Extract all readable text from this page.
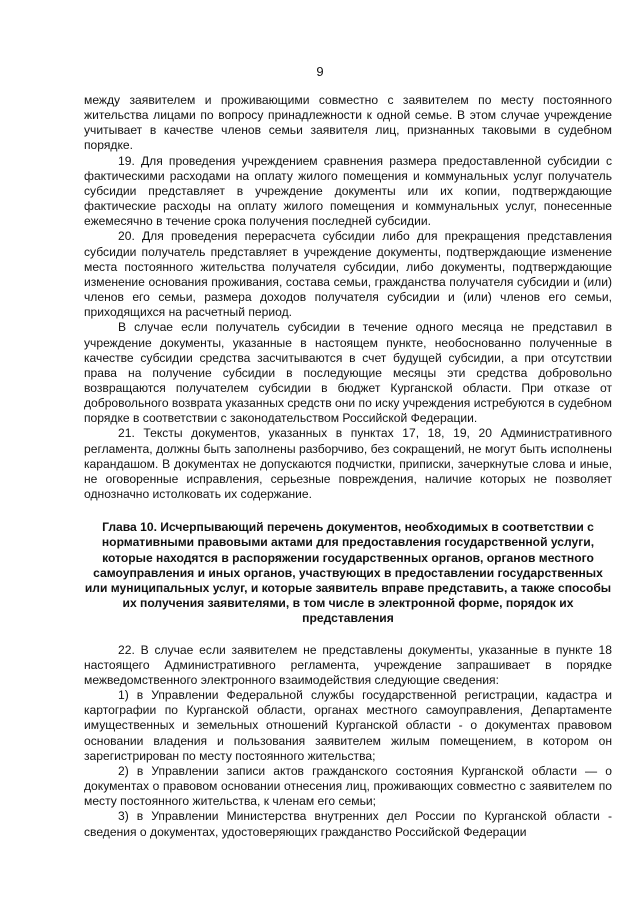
9

между заявителем и проживающими совместно с заявителем по месту постоянного жительства лицами по вопросу принадлежности к одной семье. В этом случае учреждение учитывает в качестве членов семьи заявителя лиц, признанных таковыми в судебном порядке.

19. Для проведения учреждением сравнения размера предоставленной субсидии с фактическими расходами на оплату жилого помещения и коммунальных услуг получатель субсидии представляет в учреждение документы или их копии, подтверждающие фактические расходы на оплату жилого помещения и коммунальных услуг, понесенные ежемесячно в течение срока получения последней субсидии.

20. Для проведения перерасчета субсидии либо для прекращения представления субсидии получатель представляет в учреждение документы, подтверждающие изменение места постоянного жительства получателя субсидии, либо документы, подтверждающие изменение основания проживания, состава семьи, гражданства получателя субсидии и (или) членов его семьи, размера доходов получателя субсидии и (или) членов его семьи, приходящихся на расчетный период.

В случае если получатель субсидии в течение одного месяца не представил в учреждение документы, указанные в настоящем пункте, необоснованно полученные в качестве субсидии средства засчитываются в счет будущей субсидии, а при отсутствии права на получение субсидии в последующие месяцы эти средства добровольно возвращаются получателем субсидии в бюджет Курганской области. При отказе от добровольного возврата указанных средств они по иску учреждения истребуются в судебном порядке в соответствии с законодательством Российской Федерации.

21. Тексты документов, указанных в пунктах 17, 18, 19, 20 Административного регламента, должны быть заполнены разборчиво, без сокращений, не могут быть исполнены карандашом. В документах не допускаются подчистки, приписки, зачеркнутые слова и иные, не оговоренные исправления, серьезные повреждения, наличие которых не позволяет однозначно истолковать их содержание.

Глава 10. Исчерпывающий перечень документов, необходимых в соответствии с нормативными правовыми актами для предоставления государственной услуги, которые находятся в распоряжении государственных органов, органов местного самоуправления и иных органов, участвующих в предоставлении государственных или муниципальных услуг, и которые заявитель вправе представить, а также способы их получения заявителями, в том числе в электронной форме, порядок их представления

22. В случае если заявителем не представлены документы, указанные в пункте 18 настоящего Административного регламента, учреждение запрашивает в порядке межведомственного электронного взаимодействия следующие сведения:

1) в Управлении Федеральной службы государственной регистрации, кадастра и картографии по Курганской области, органах местного самоуправления, Департаменте имущественных и земельных отношений Курганской области - о документах правовом основании владения и пользования заявителем жилым помещением, в котором он зарегистрирован по месту постоянного жительства;

2) в Управлении записи актов гражданского состояния Курганской области — о документах о правовом основании отнесения лиц, проживающих совместно с заявителем по месту постоянного жительства, к членам его семьи;

3) в Управлении Министерства внутренних дел России по Курганской области - сведения о документах, удостоверяющих гражданство Российской Федерации
